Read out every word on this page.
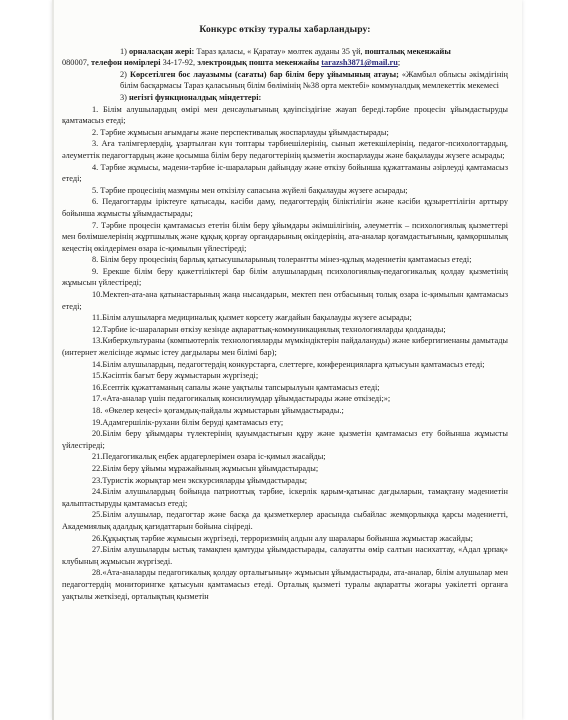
Конкурс өткізу туралы хабарландыру:

1) орналасқан жері: Тараз қаласы, « Қаратау» мөлтек ауданы 35 үй, пошталық мекенжайы

080007, телефон нөмірлері 34-17-92, электрондық пошта мекенжайы tarazsh3871@mail.ru;

2) Көрсетілген бос лауазымы (сағаты) бар білім беру ұйымының атауы; «Жамбыл облысы әкімдігінің білім басқармасы Тараз қаласының білім бөлімінің №38 орта мектебі» коммуналдық мемлекеттік мекемесі

3) негізгі функционалдық міндеттері:

1. Білім алушылардың өмірі мен денсаулығының қауіпсіздігіне жауап береді.тәрбие процесін ұйымдастыруды қамтамасыз етеді;

2. Тәрбие жұмысын ағымдағы және перспективалық жоспарлауды ұйымдастырады;

3. Аға тәлімгерлердің, ұзартылған күн топтары тәрбиешілерінің, сынып жетекшілерінің, педагог-психологтардың, әлеуметтік педагогтардың және қосымша білім беру педагогтерінің қызметін жоспарлауды және бақылауды жүзеге асырады;

4. Тәрбие жұмысы, мәдени-тәрбие іс-шараларын дайындау және өткізу бойынша құжаттаманы әзірлеуді қамтамасыз етеді;

5. Тәрбие процесінің мазмұны мен өткізілу сапасына жүйелі бақылауды жүзеге асырады;

6. Педагогтарды іріктеуге қатысады, кәсіби даму, педагогтердің біліктілігін және кәсіби құзыреттілігін арттыру бойынша жұмысты ұйымдастырады;

7. Тәрбие процесін қамтамасыз ететін білім беру ұйымдары әкімшілігінің, әлеуметтік – психологиялық қызметтері мен бөлімшелерінің жұртшылық және құқық қорғау органдарының өкілдерінің, ата-аналар қоғамдастығының, қамқоршылық кеңестің өкілдерімен өзара іс-қимылын үйлестіреді;

8. Білім беру процесінің барлық қатысушыларының толерантты мінез-құлық мәдениетін қамтамасыз етеді;

9. Ерекше білім беру қажеттіліктері бар білім алушылардың психологиялық-педагогикалық қолдау қызметінің жұмысын үйлестіреді;

10.Мектеп-ата-ана қатынастарының жаңа нысандарын, мектеп пен отбасының толық өзара іс-қимылын қамтамасыз етеді;

11.Білім алушыларға медициналық қызмет көрсету жағдайын бақылауды жүзеге асырады;

12.Тәрбие іс-шараларын өткізу кезінде ақпараттық-коммуникациялық технологияларды қолданады;

13.Киберкультураны (компьютерлік технологияларды мүмкіндіктерін пайдалануды) және кибергигиенаны дамытады (интернет желісінде жұмыс істеу дағдылары мен білімі бар);

14.Білім алушылардың, педагогтердің конкурстарға, слеттерге, конференцияларға қатысуын қамтамасыз етеді;

15.Кәсіптік бағыт беру жұмыстарын жүргізеді;

16.Есептік құжаттаманың сапалы және уақтылы тапсырылуын қамтамасыз етеді;

17.«Ата-аналар үшін педагогикалық консилиумдар ұйымдастырады және өткізеді;»;

18. «Өкелер кеңесі» қоғамдық-пайдалы жұмыстарын ұйымдастырады.;

19.Адамгершілік-рухани білім беруді қамтамасыз ету;

20.Білім беру ұйымдары түлектерінің қауымдастығын құру және қызметін қамтамасыз ету бойынша жұмысты үйлестіреді;

21.Педагогикалық еңбек ардагерлерімен өзара іс-қимыл жасайды;

22.Білім беру ұйымы мұражайының жұмысын ұйымдастырады;

23.Туристік жорықтар мен экскурсияларды ұйымдастырады;

24.Білім алушылардың бойында патриоттық тәрбие, іскерлік қарым-қатынас дағдыларын, тамақтану мәдениетін қалыптастыруды қамтамасыз етеді;

25.Білім алушылар, педагогтар және басқа да қызметкерлер арасында сыбайлас жемқорлыққа қарсы мәдениетті, Академиялық адалдық қағидаттарын бойына сіңіреді.

26.Құқықтық тәрбие жұмысын жүргізеді, терроризмнің алдын алу шаралары бойынша жұмыстар жасайды;

27.Білім алушыларды ыстық тамақпен қамтуды ұйымдастырады, салауатты өмір салтын насихаттау, «Адал ұрпақ» клубының жұмысын жүргізеді.

28.«Ата-аналарды педагогикалық қолдау орталығының» жұмысын ұйымдастырады, ата-аналар, білім алушылар мен педагогтердің мониторингке қатысуын қамтамасыз етеді. Орталық қызметі туралы ақпаратты жоғары уәкілетті органға уақтылы жеткізеді, орталықтың қызметін
